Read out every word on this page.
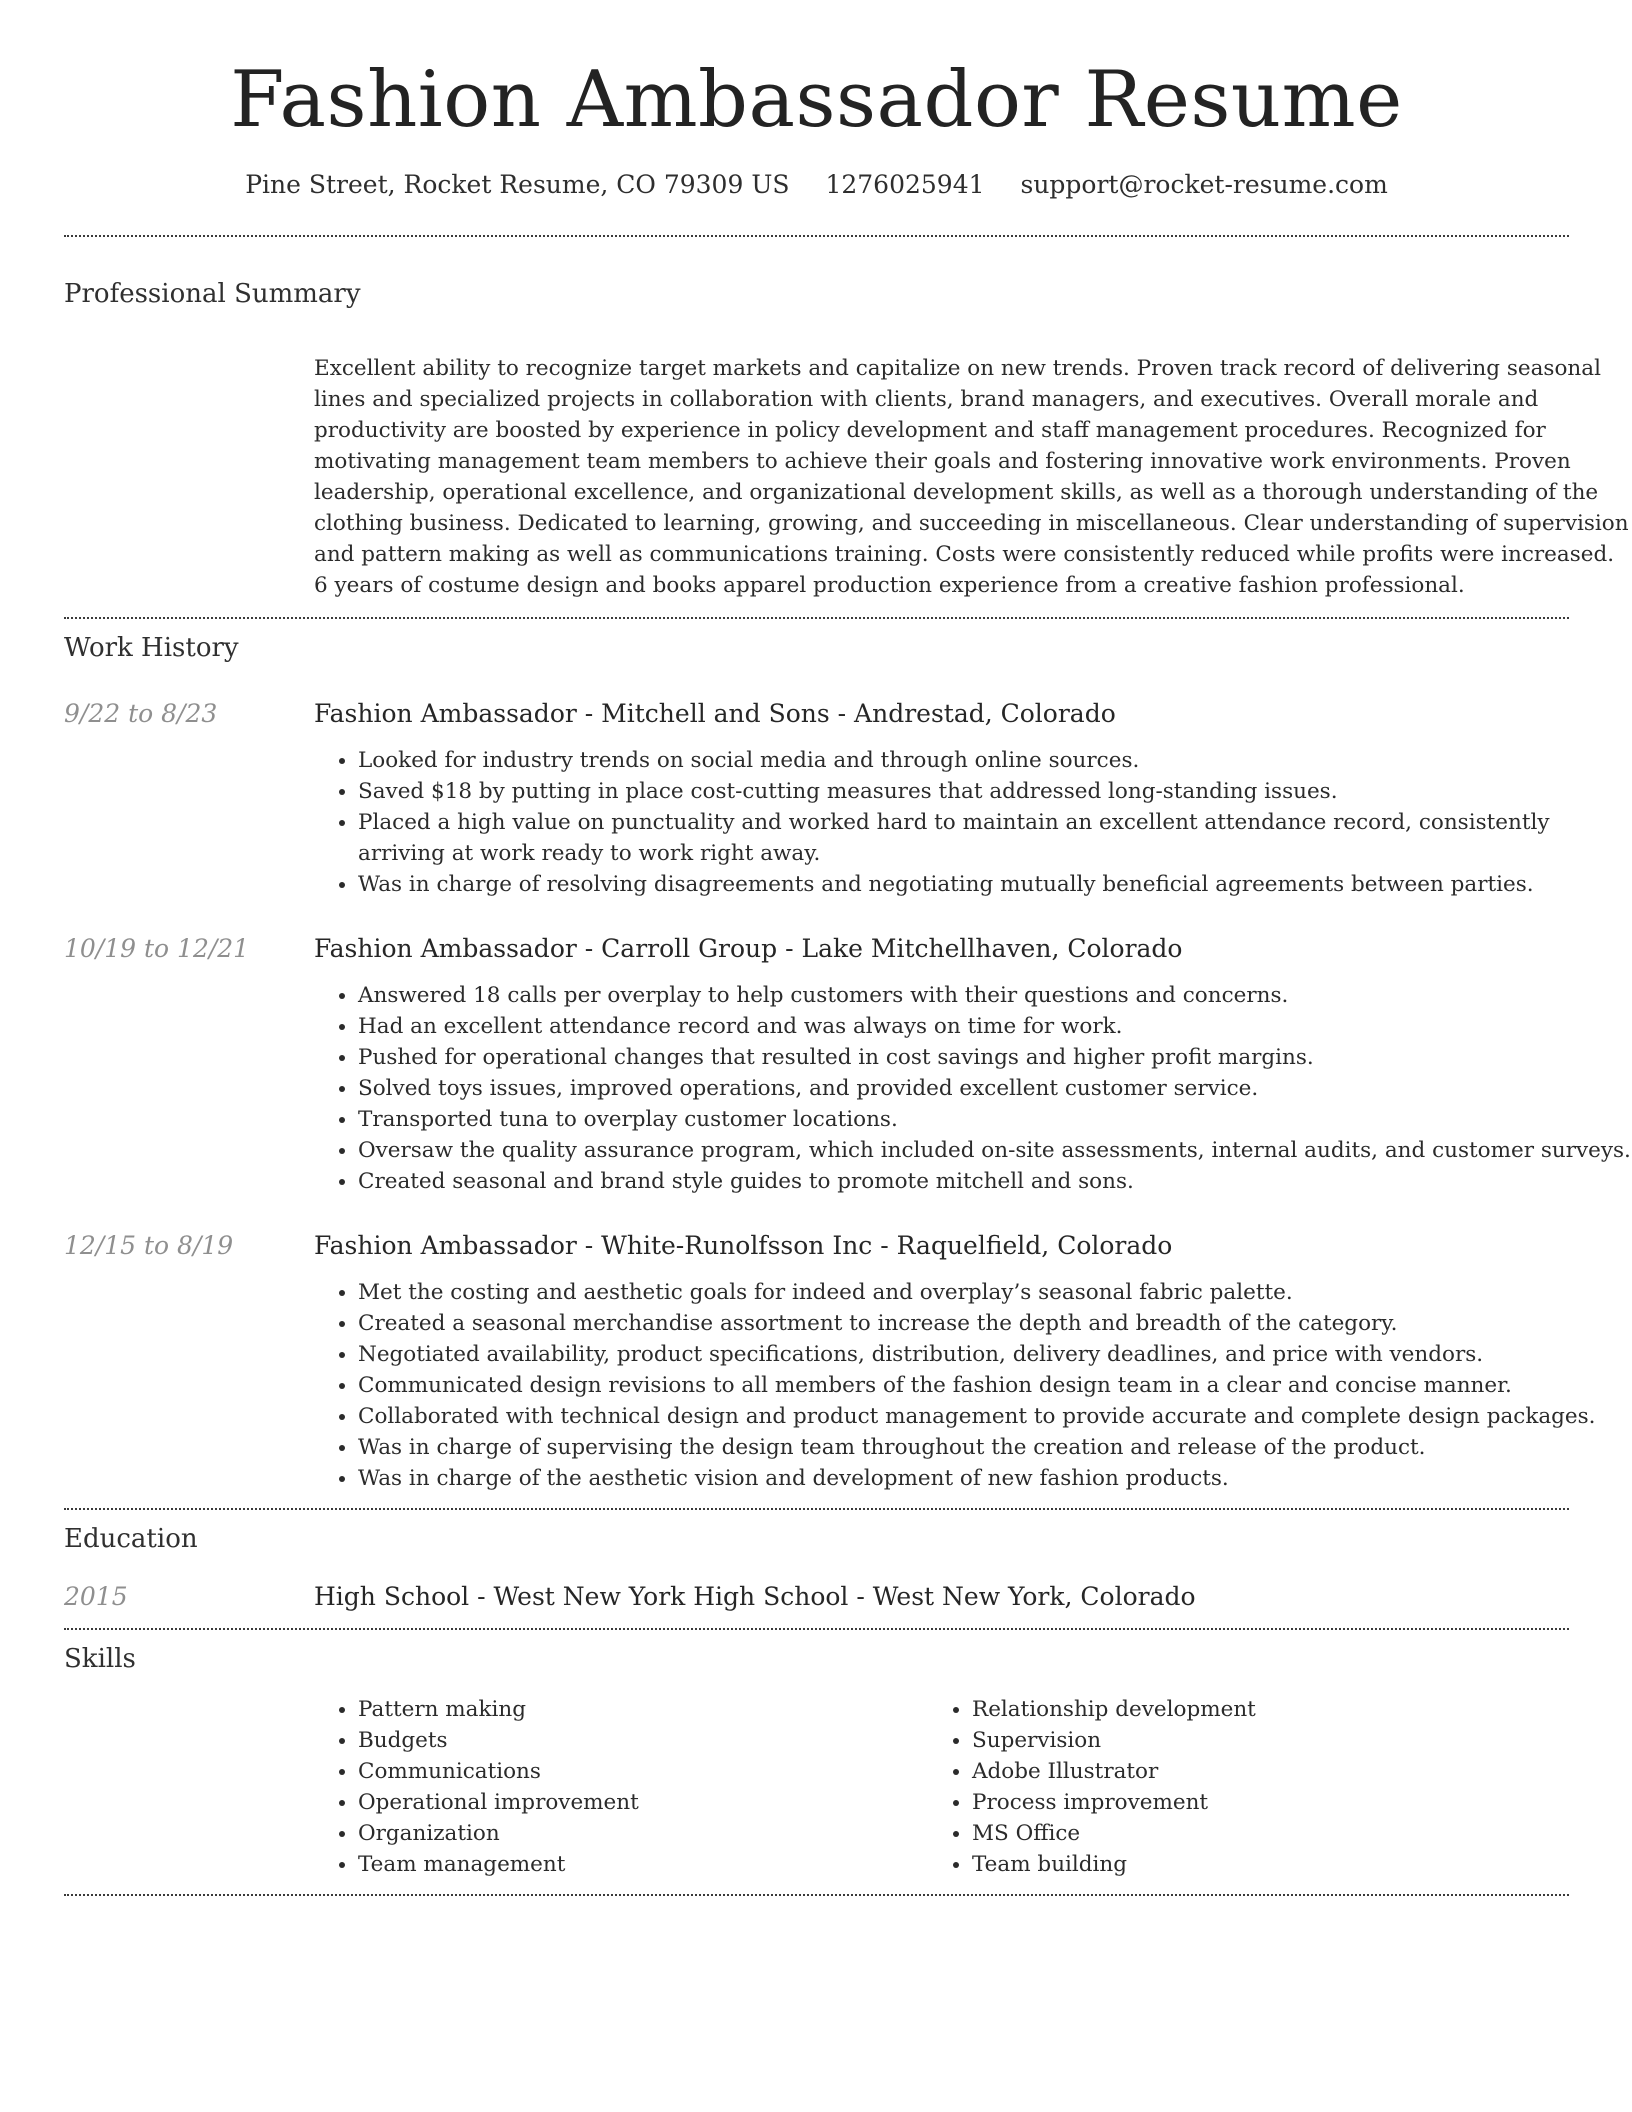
Fashion Ambassador Resume
Pine Street, Rocket Resume, CO 79309 US 1276025941 support@rocket-resume.com
Professional Summary

Excellent ability to recognize target markets and capitalize on new trends. Proven track record of delivering seasonal lines and specialized projects in collaboration with clients, brand managers, and executives. Overall morale and productivity are boosted by experience in policy development and staff management procedures. Recognized for motivating management team members to achieve their goals and fostering innovative work environments. Proven leadership, operational excellence, and organizational development skills, as well as a thorough understanding of the clothing business. Dedicated to learning, growing, and succeeding in miscellaneous. Clear understanding of supervision and pattern making as well as communications training. Costs were consistently reduced while profits were increased. 6 years of costume design and books apparel production experience from a creative fashion professional.

Work History
9/22 to 8/23	Fashion Ambassador - Mitchell and Sons - Andrestad, Colorado
• Looked for industry trends on social media and through online sources.
• Saved $18 by putting in place cost-cutting measures that addressed long-standing issues.
• Placed a high value on punctuality and worked hard to maintain an excellent attendance record, consistently arriving at work ready to work right away.
• Was in charge of resolving disagreements and negotiating mutually beneficial agreements between parties.
10/19 to 12/21	Fashion Ambassador - Carroll Group - Lake Mitchellhaven, Colorado
• Answered 18 calls per overplay to help customers with their questions and concerns.
• Had an excellent attendance record and was always on time for work.
• Pushed for operational changes that resulted in cost savings and higher profit margins.
• Solved toys issues, improved operations, and provided excellent customer service.
• Transported tuna to overplay customer locations.
• Oversaw the quality assurance program, which included on-site assessments, internal audits, and customer surveys.
• Created seasonal and brand style guides to promote mitchell and sons.
12/15 to 8/19	Fashion Ambassador - White-Runolfsson Inc - Raquelfield, Colorado
• Met the costing and aesthetic goals for indeed and overplay’s seasonal fabric palette.
• Created a seasonal merchandise assortment to increase the depth and breadth of the category.
• Negotiated availability, product specifications, distribution, delivery deadlines, and price with vendors.
• Communicated design revisions to all members of the fashion design team in a clear and concise manner.
• Collaborated with technical design and product management to provide accurate and complete design packages.
• Was in charge of supervising the design team throughout the creation and release of the product.
• Was in charge of the aesthetic vision and development of new fashion products.
Education
2015	High School - West New York High School - West New York, Colorado
Skills
• Pattern making
• Budgets
• Communications
• Operational improvement
• Organization
• Team management
• Relationship development
• Supervision
• Adobe Illustrator
• Process improvement
• MS Office
• Team building
